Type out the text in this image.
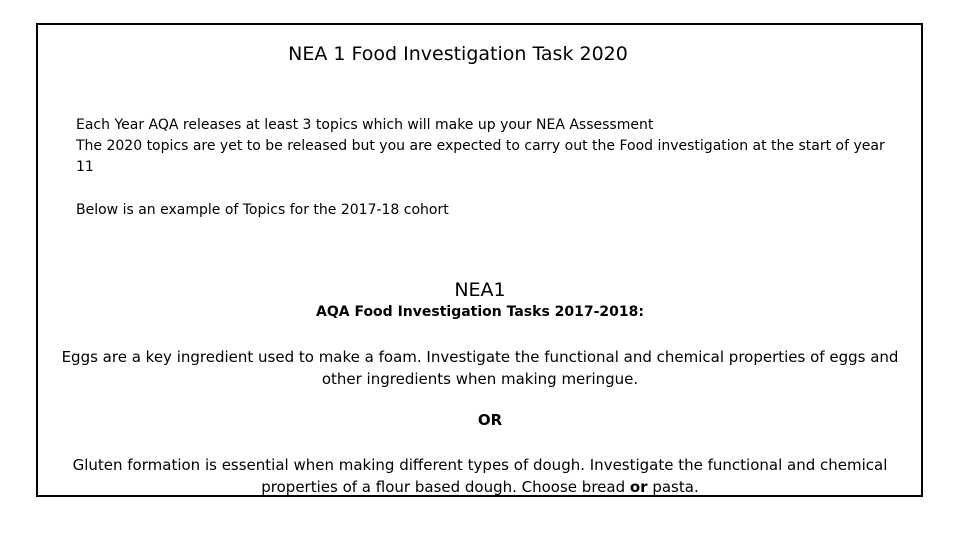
NEA 1 Food Investigation Task 2020

Each Year AQA releases at least 3 topics which will make up your NEA Assessment

The 2020 topics are yet to be released but you are expected to carry out the Food investigation at the start of year 11

Below is an example of Topics for the 2017-18 cohort
NEA1
AQA Food Investigation Tasks 2017-2018:
Eggs are a key ingredient used to make a foam. Investigate the functional and chemical properties of eggs and other ingredients when making meringue.
OR
Gluten formation is essential when making different types of dough. Investigate the functional and chemical properties of a flour based dough. Choose bread or pasta.
